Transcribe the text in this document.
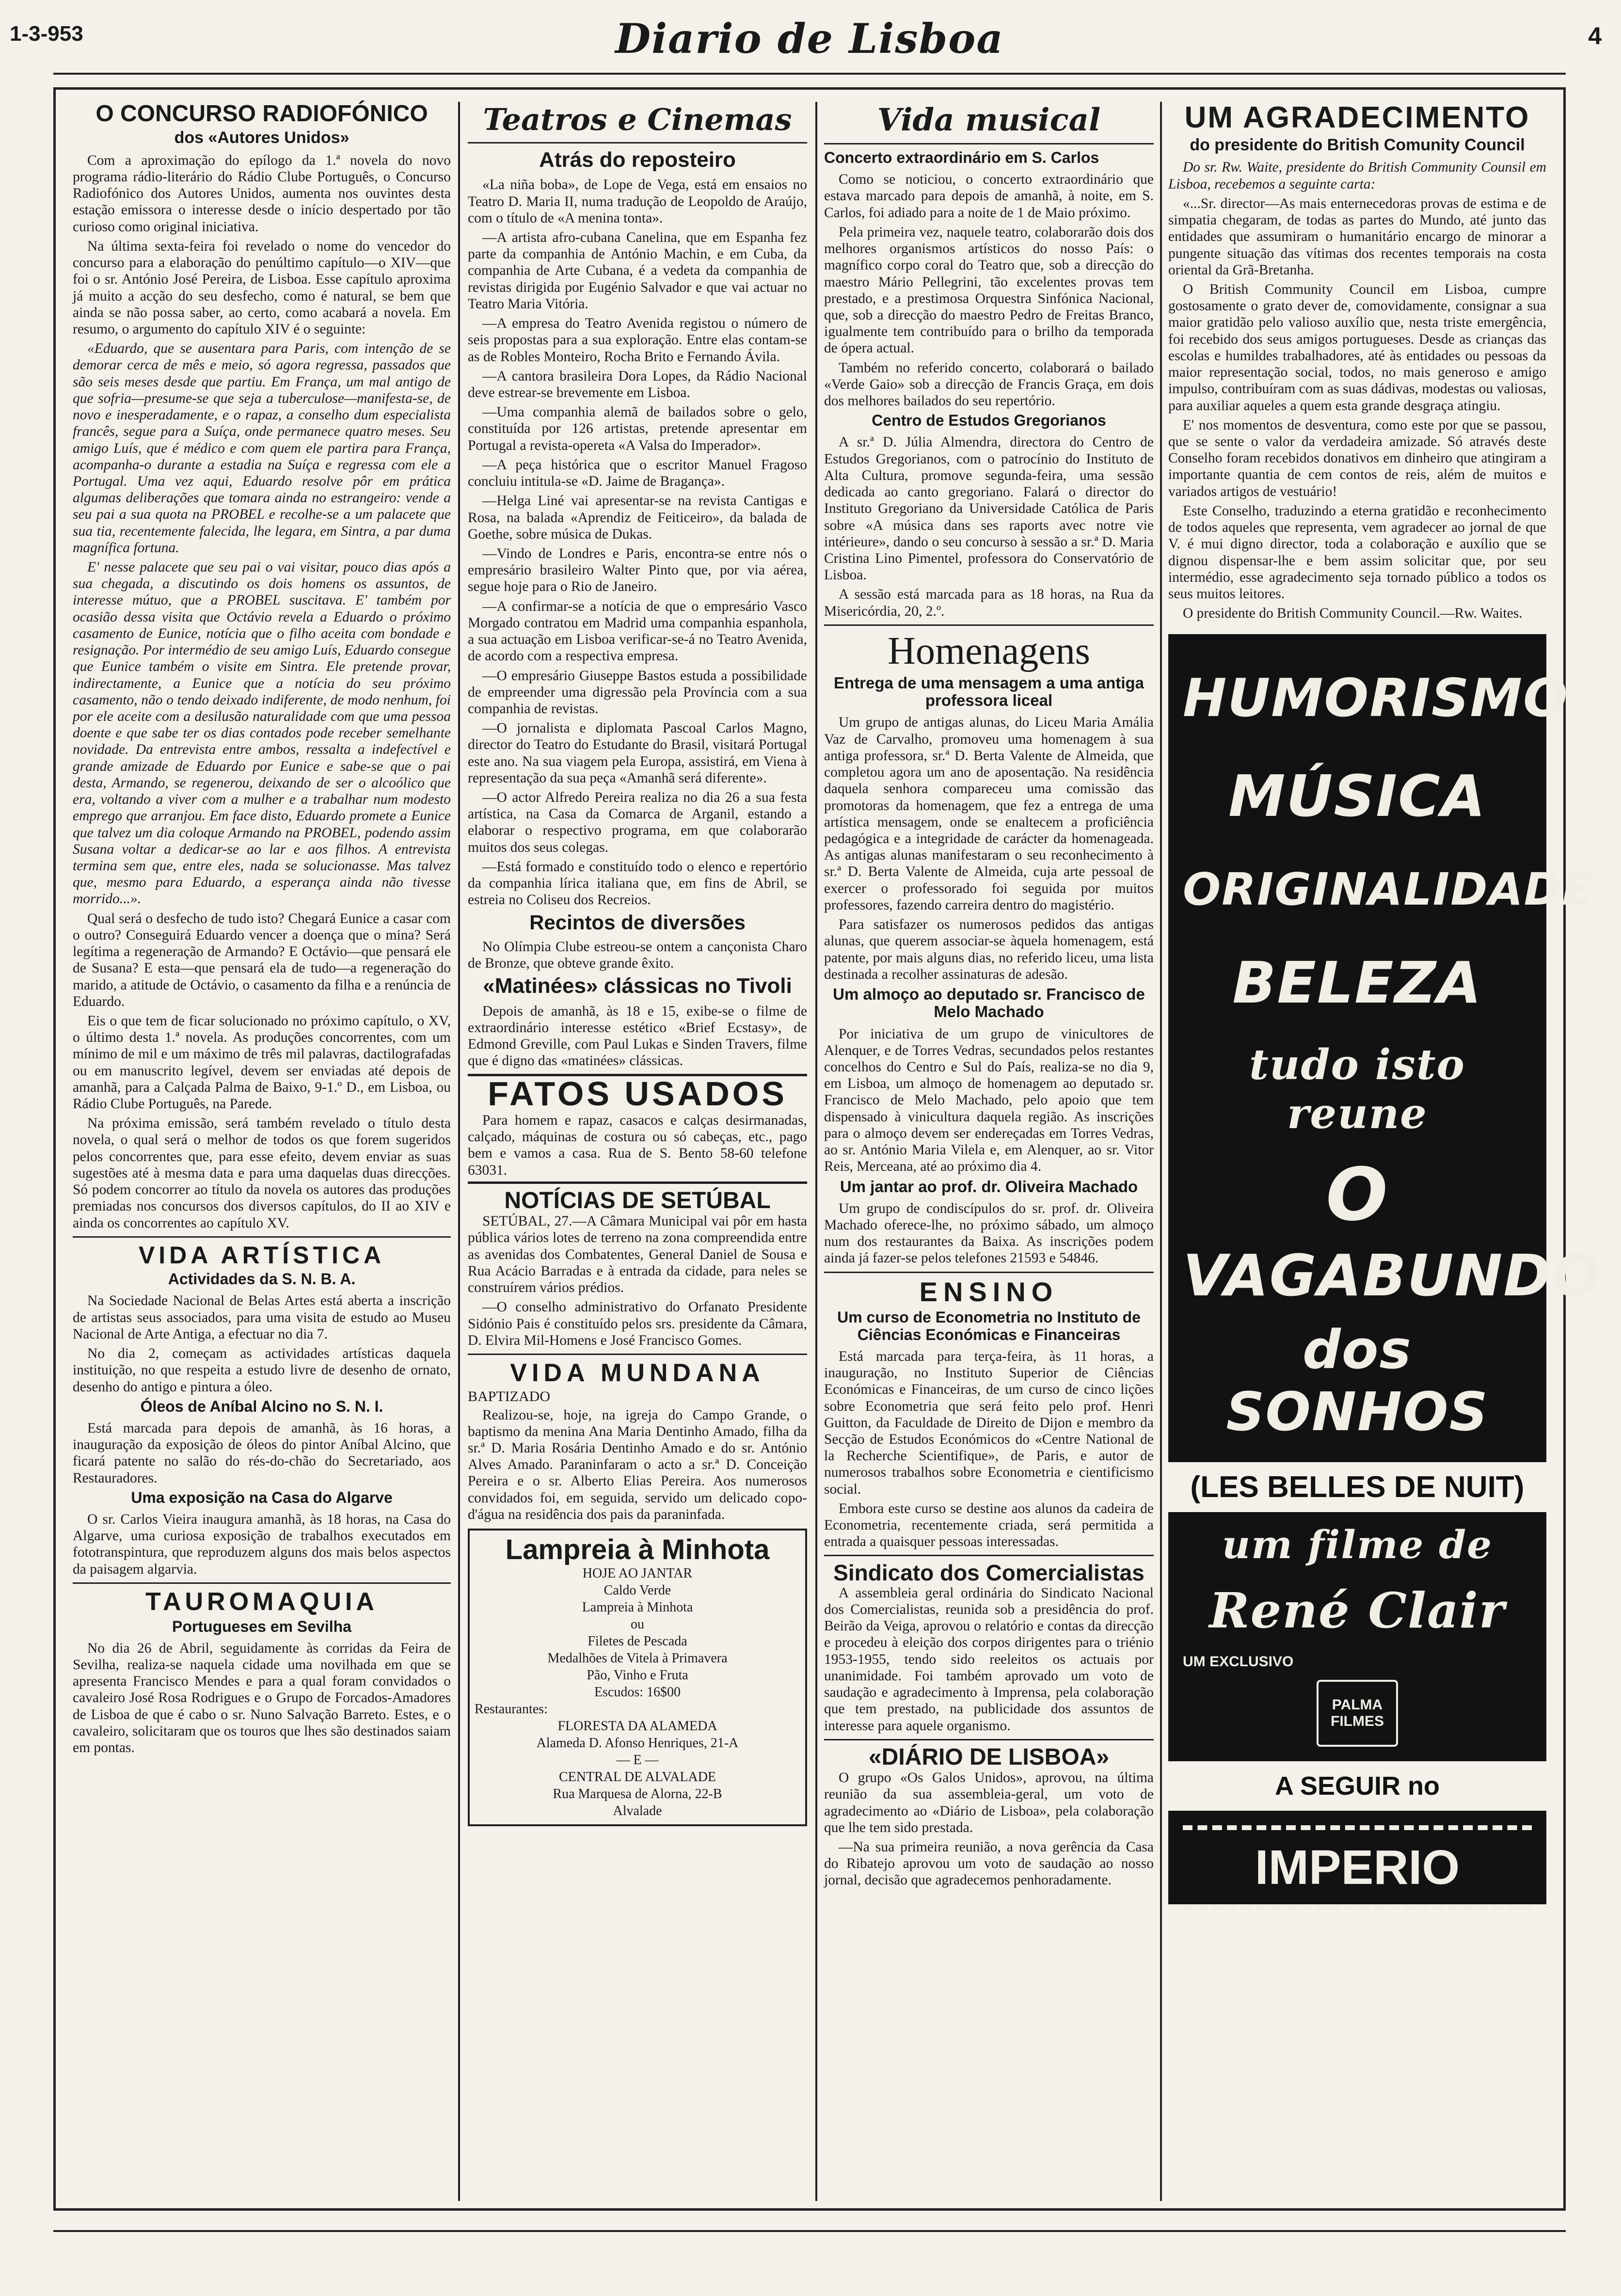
1-3-953	Diario de Lisboa	4
O CONCURSO RADIOFÓNICO
dos «Autores Unidos»

Com a aproximação do epílogo da 1.ª novela do novo programa rádio-literário do Rádio Clube Português, o Concurso Radiofónico dos Autores Unidos, aumenta nos ouvintes desta estação emissora o interesse desde o início despertado por tão curioso como original iniciativa.

Na última sexta-feira foi revelado o nome do vencedor do concurso para a elaboração do penúltimo capítulo—o XIV—que foi o sr. António José Pereira, de Lisboa. Esse capítulo aproxima já muito a acção do seu desfecho, como é natural, se bem que ainda se não possa saber, ao certo, como acabará a novela. Em resumo, o argumento do capítulo XIV é o seguinte:

«Eduardo, que se ausentara para Paris, com intenção de se demorar cerca de mês e meio, só agora regressa, passados que são seis meses desde que partiu. Em França, um mal antigo de que sofria—presume-se que seja a tuberculose—manifesta-se, de novo e inesperadamente, e o rapaz, a conselho dum especialista francês, segue para a Suíça, onde permanece quatro meses. Seu amigo Luís, que é médico e com quem ele partira para França, acompanha-o durante a estadia na Suíça e regressa com ele a Portugal. Uma vez aqui, Eduardo resolve pôr em prática algumas deliberações que tomara ainda no estrangeiro: vende a seu pai a sua quota na PROBEL e recolhe-se a um palacete que sua tia, recentemente falecida, lhe legara, em Sintra, a par duma magnífica fortuna.

E' nesse palacete que seu pai o vai visitar, pouco dias após a sua chegada, a discutindo os dois homens os assuntos, de interesse mútuo, que a PROBEL suscitava. E' também por ocasião dessa visita que Octávio revela a Eduardo o próximo casamento de Eunice, notícia que o filho aceita com bondade e resignação. Por intermédio de seu amigo Luís, Eduardo consegue que Eunice também o visite em Sintra. Ele pretende provar, indirectamente, a Eunice que a notícia do seu próximo casamento, não o tendo deixado indiferente, de modo nenhum, foi por ele aceite com a desilusão naturalidade com que uma pessoa doente e que sabe ter os dias contados pode receber semelhante novidade. Da entrevista entre ambos, ressalta a indefectível e grande amizade de Eduardo por Eunice e sabe-se que o pai desta, Armando, se regenerou, deixando de ser o alcoólico que era, voltando a viver com a mulher e a trabalhar num modesto emprego que arranjou. Em face disto, Eduardo promete a Eunice que talvez um dia coloque Armando na PROBEL, podendo assim Susana voltar a dedicar-se ao lar e aos filhos. A entrevista termina sem que, entre eles, nada se solucionasse. Mas talvez que, mesmo para Eduardo, a esperança ainda não tivesse morrido...».

Qual será o desfecho de tudo isto? Chegará Eunice a casar com o outro? Conseguirá Eduardo vencer a doença que o mina? Será legítima a regeneração de Armando? E Octávio—que pensará ele de Susana? E esta—que pensará ela de tudo—a regeneração do marido, a atitude de Octávio, o casamento da filha e a renúncia de Eduardo.

Eis o que tem de ficar solucionado no próximo capítulo, o XV, o último desta 1.ª novela. As produções concorrentes, com um mínimo de mil e um máximo de três mil palavras, dactilografadas ou em manuscrito legível, devem ser enviadas até depois de amanhã, para a Calçada Palma de Baixo, 9-1.º D., em Lisboa, ou Rádio Clube Português, na Parede.

Na próxima emissão, será também revelado o título desta novela, o qual será o melhor de todos os que forem sugeridos pelos concorrentes que, para esse efeito, devem enviar as suas sugestões até à mesma data e para uma daquelas duas direcções. Só podem concorrer ao título da novela os autores das produções premiadas nos concursos dos diversos capítulos, do II ao XIV e ainda os concorrentes ao capítulo XV.

VIDA ARTÍSTICA
Actividades da S. N. B. A.

Na Sociedade Nacional de Belas Artes está aberta a inscrição de artistas seus associados, para uma visita de estudo ao Museu Nacional de Arte Antiga, a efectuar no dia 7.

No dia 2, começam as actividades artísticas daquela instituição, no que respeita a estudo livre de desenho de ornato, desenho do antigo e pintura a óleo.

Óleos de Aníbal Alcino no S. N. I.

Está marcada para depois de amanhã, às 16 horas, a inauguração da exposição de óleos do pintor Aníbal Alcino, que ficará patente no salão do rés-do-chão do Secretariado, aos Restauradores.

Uma exposição na Casa do Algarve

O sr. Carlos Vieira inaugura amanhã, às 18 horas, na Casa do Algarve, uma curiosa exposição de trabalhos executados em fototranspintura, que reproduzem alguns dos mais belos aspectos da paisagem algarvia.

TAUROMAQUIA
Portugueses em Sevilha

No dia 26 de Abril, seguidamente às corridas da Feira de Sevilha, realiza-se naquela cidade uma novilhada em que se apresenta Francisco Mendes e para a qual foram convidados o cavaleiro José Rosa Rodrigues e o Grupo de Forcados-Amadores de Lisboa de que é cabo o sr. Nuno Salvação Barreto. Estes, e o cavaleiro, solicitaram que os touros que lhes são destinados saiam em pontas.

Teatros e Cinemas
Atrás do reposteiro

«La niña boba», de Lope de Vega, está em ensaios no Teatro D. Maria II, numa tradução de Leopoldo de Araújo, com o título de «A menina tonta».

—A artista afro-cubana Canelina, que em Espanha fez parte da companhia de António Machin, e em Cuba, da companhia de Arte Cubana, é a vedeta da companhia de revistas dirigida por Eugénio Salvador e que vai actuar no Teatro Maria Vitória.

—A empresa do Teatro Avenida registou o número de seis propostas para a sua exploração. Entre elas contam-se as de Robles Monteiro, Rocha Brito e Fernando Ávila.

—A cantora brasileira Dora Lopes, da Rádio Nacional deve estrear-se brevemente em Lisboa.

—Uma companhia alemã de bailados sobre o gelo, constituída por 126 artistas, pretende apresentar em Portugal a revista-opereta «A Valsa do Imperador».

—A peça histórica que o escritor Manuel Fragoso concluiu intitula-se «D. Jaime de Bragança».

—Helga Liné vai apresentar-se na revista Cantigas e Rosa, na balada «Aprendiz de Feiticeiro», da balada de Goethe, sobre música de Dukas.

—Vindo de Londres e Paris, encontra-se entre nós o empresário brasileiro Walter Pinto que, por via aérea, segue hoje para o Rio de Janeiro.

—A confirmar-se a notícia de que o empresário Vasco Morgado contratou em Madrid uma companhia espanhola, a sua actuação em Lisboa verificar-se-á no Teatro Avenida, de acordo com a respectiva empresa.

—O empresário Giuseppe Bastos estuda a possibilidade de empreender uma digressão pela Província com a sua companhia de revistas.

—O jornalista e diplomata Pascoal Carlos Magno, director do Teatro do Estudante do Brasil, visitará Portugal este ano. Na sua viagem pela Europa, assistirá, em Viena à representação da sua peça «Amanhã será diferente».

—O actor Alfredo Pereira realiza no dia 26 a sua festa artística, na Casa da Comarca de Arganil, estando a elaborar o respectivo programa, em que colaborarão muitos dos seus colegas.

—Está formado e constituído todo o elenco e repertório da companhia lírica italiana que, em fins de Abril, se estreia no Coliseu dos Recreios.

Recintos de diversões

No Olímpia Clube estreou-se ontem a cançonista Charo de Bronze, que obteve grande êxito.

«Matinées» clássicas no Tivoli

Depois de amanhã, às 18 e 15, exibe-se o filme de extraordinário interesse estético «Brief Ecstasy», de Edmond Greville, com Paul Lukas e Sinden Travers, filme que é digno das «matinées» clássicas.

FATOS USADOS

Para homem e rapaz, casacos e calças desirmanadas, calçado, máquinas de costura ou só cabeças, etc., pago bem e vamos a casa. Rua de S. Bento 58-60 telefone 63031.

NOTÍCIAS DE SETÚBAL

SETÚBAL, 27.—A Câmara Municipal vai pôr em hasta pública vários lotes de terreno na zona compreendida entre as avenidas dos Combatentes, General Daniel de Sousa e Rua Acácio Barradas e à entrada da cidade, para neles se construírem vários prédios.

—O conselho administrativo do Orfanato Presidente Sidónio Pais é constituído pelos srs. presidente da Câmara, D. Elvira Mil-Homens e José Francisco Gomes.

VIDA MUNDANA
BAPTIZADO

Realizou-se, hoje, na igreja do Campo Grande, o baptismo da menina Ana Maria Dentinho Amado, filha da sr.ª D. Maria Rosária Dentinho Amado e do sr. António Alves Amado. Paraninfaram o acto a sr.ª D. Conceição Pereira e o sr. Alberto Elias Pereira. Aos numerosos convidados foi, em seguida, servido um delicado copo-d'água na residência dos pais da paraninfada.

Lampreia à Minhota
HOJE AO JANTAR
Caldo Verde
Lampreia à Minhota
ou
Filetes de Pescada
Medalhões de Vitela à Primavera
Pão, Vinho e Fruta
Escudos: 16$00
Restaurantes:
FLORESTA DA ALAMEDA
Alameda D. Afonso Henriques, 21-A
— E —
CENTRAL DE ALVALADE
Rua Marquesa de Alorna, 22-B
Alvalade
Vida musical
Concerto extraordinário em S. Carlos

Como se noticiou, o concerto extraordinário que estava marcado para depois de amanhã, à noite, em S. Carlos, foi adiado para a noite de 1 de Maio próximo.

Pela primeira vez, naquele teatro, colaborarão dois dos melhores organismos artísticos do nosso País: o magnífico corpo coral do Teatro que, sob a direcção do maestro Mário Pellegrini, tão excelentes provas tem prestado, e a prestimosa Orquestra Sinfónica Nacional, que, sob a direcção do maestro Pedro de Freitas Branco, igualmente tem contribuído para o brilho da temporada de ópera actual.

Também no referido concerto, colaborará o bailado «Verde Gaio» sob a direcção de Francis Graça, em dois dos melhores bailados do seu repertório.

Centro de Estudos Gregorianos

A sr.ª D. Júlia Almendra, directora do Centro de Estudos Gregorianos, com o patrocínio do Instituto de Alta Cultura, promove segunda-feira, uma sessão dedicada ao canto gregoriano. Falará o director do Instituto Gregoriano da Universidade Católica de Paris sobre «A música dans ses raports avec notre vie intérieure», dando o seu concurso à sessão a sr.ª D. Maria Cristina Lino Pimentel, professora do Conservatório de Lisboa.

A sessão está marcada para as 18 horas, na Rua da Misericórdia, 20, 2.º.

Homenagens
Entrega de uma mensagem a uma antiga professora liceal

Um grupo de antigas alunas, do Liceu Maria Amália Vaz de Carvalho, promoveu uma homenagem à sua antiga professora, sr.ª D. Berta Valente de Almeida, que completou agora um ano de aposentação. Na residência daquela senhora compareceu uma comissão das promotoras da homenagem, que fez a entrega de uma artística mensagem, onde se enaltecem a proficiência pedagógica e a integridade de carácter da homenageada. As antigas alunas manifestaram o seu reconhecimento à sr.ª D. Berta Valente de Almeida, cuja arte pessoal de exercer o professorado foi seguida por muitos professores, fazendo carreira dentro do magistério.

Para satisfazer os numerosos pedidos das antigas alunas, que querem associar-se àquela homenagem, está patente, por mais alguns dias, no referido liceu, uma lista destinada a recolher assinaturas de adesão.

Um almoço ao deputado sr. Francisco de Melo Machado

Por iniciativa de um grupo de vinicultores de Alenquer, e de Torres Vedras, secundados pelos restantes concelhos do Centro e Sul do País, realiza-se no dia 9, em Lisboa, um almoço de homenagem ao deputado sr. Francisco de Melo Machado, pelo apoio que tem dispensado à vinicultura daquela região. As inscrições para o almoço devem ser endereçadas em Torres Vedras, ao sr. António Maria Vilela e, em Alenquer, ao sr. Vitor Reis, Merceana, até ao próximo dia 4.

Um jantar ao prof. dr. Oliveira Machado

Um grupo de condiscípulos do sr. prof. dr. Oliveira Machado oferece-lhe, no próximo sábado, um almoço num dos restaurantes da Baixa. As inscrições podem ainda já fazer-se pelos telefones 21593 e 54846.

ENSINO
Um curso de Econometria no Instituto de Ciências Económicas e Financeiras

Está marcada para terça-feira, às 11 horas, a inauguração, no Instituto Superior de Ciências Económicas e Financeiras, de um curso de cinco lições sobre Econometria que será feito pelo prof. Henri Guitton, da Faculdade de Direito de Dijon e membro da Secção de Estudos Económicos do «Centre National de la Recherche Scientifique», de Paris, e autor de numerosos trabalhos sobre Econometria e cientificismo social.

Embora este curso se destine aos alunos da cadeira de Econometria, recentemente criada, será permitida a entrada a quaisquer pessoas interessadas.

Sindicato dos Comercialistas

A assembleia geral ordinária do Sindicato Nacional dos Comercialistas, reunida sob a presidência do prof. Beirão da Veiga, aprovou o relatório e contas da direcção e procedeu à eleição dos corpos dirigentes para o triénio 1953-1955, tendo sido reeleitos os actuais por unanimidade. Foi também aprovado um voto de saudação e agradecimento à Imprensa, pela colaboração que tem prestado, na publicidade dos assuntos de interesse para aquele organismo.

«DIÁRIO DE LISBOA»

O grupo «Os Galos Unidos», aprovou, na última reunião da sua assembleia-geral, um voto de agradecimento ao «Diário de Lisboa», pela colaboração que lhe tem sido prestada.

—Na sua primeira reunião, a nova gerência da Casa do Ribatejo aprovou um voto de saudação ao nosso jornal, decisão que agradecemos penhoradamente.

UM AGRADECIMENTO
do presidente do British Comunity Council

Do sr. Rw. Waite, presidente do British Community Counsil em Lisboa, recebemos a seguinte carta:

«...Sr. director—As mais enternecedoras provas de estima e de simpatia chegaram, de todas as partes do Mundo, até junto das entidades que assumiram o humanitário encargo de minorar a pungente situação das vítimas dos recentes temporais na costa oriental da Grã-Bretanha.

O British Community Council em Lisboa, cumpre gostosamente o grato dever de, comovidamente, consignar a sua maior gratidão pelo valioso auxílio que, nesta triste emergência, foi recebido dos seus amigos portugueses. Desde as crianças das escolas e humildes trabalhadores, até às entidades ou pessoas da maior representação social, todos, no mais generoso e amigo impulso, contribuíram com as suas dádivas, modestas ou valiosas, para auxiliar aqueles a quem esta grande desgraça atingiu.

E' nos momentos de desventura, como este por que se passou, que se sente o valor da verdadeira amizade. Só através deste Conselho foram recebidos donativos em dinheiro que atingiram a importante quantia de cem contos de reis, além de muitos e variados artigos de vestuário!

Este Conselho, traduzindo a eterna gratidão e reconhecimento de todos aqueles que representa, vem agradecer ao jornal de que V. é mui digno director, toda a colaboração e auxílio que se dignou dispensar-lhe e bem assim solicitar que, por seu intermédio, esse agradecimento seja tornado público a todos os seus muitos leitores.

O presidente do British Community Council.—Rw. Waites.

HUMORISMO
MÚSICA
ORIGINALIDADE
BELEZA
tudo isto reune
O
VAGABUNDO
dos SONHOS
(LES BELLES DE NUIT)
um filme de
René Clair
UM EXCLUSIVO
PALMA FILMES
A SEGUIR no
IMPERIO
